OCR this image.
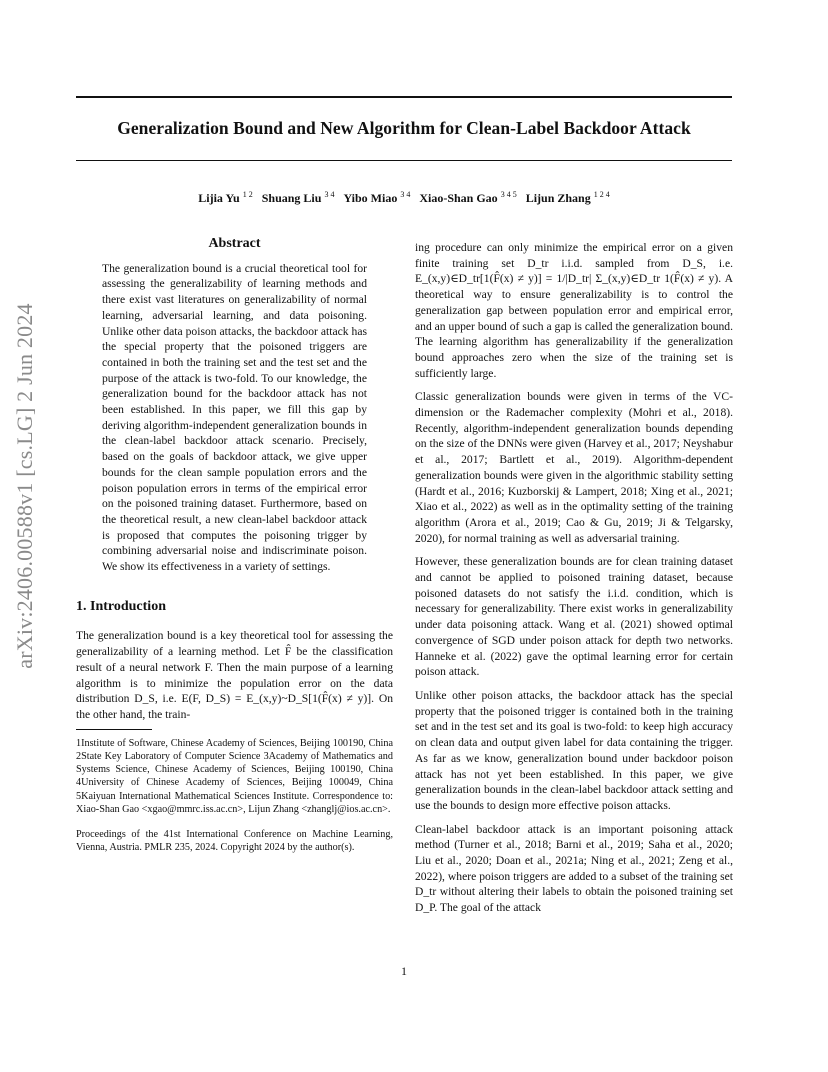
arXiv:2406.00588v1 [cs.LG] 2 Jun 2024
Generalization Bound and New Algorithm for Clean-Label Backdoor Attack
Lijia Yu $^{1 2}$ Shuang Liu $^{3 4}$ Yibo Miao $^{3 4}$ Xiao-Shan Gao $^{3 4 5}$ Lijun Zhang $^{1 2 4}$
Abstract

The generalization bound is a crucial theoretical tool for assessing the generalizability of learning methods and there exist vast literatures on generalizability of normal learning, adversarial learning, and data poisoning. Unlike other data poison attacks, the backdoor attack has the special property that the poisoned triggers are contained in both the training set and the test set and the purpose of the attack is two-fold. To our knowledge, the generalization bound for the backdoor attack has not been established. In this paper, we fill this gap by deriving algorithm-independent generalization bounds in the clean-label backdoor attack scenario. Precisely, based on the goals of backdoor attack, we give upper bounds for the clean sample population errors and the poison population errors in terms of the empirical error on the poisoned training dataset. Furthermore, based on the theoretical result, a new clean-label backdoor attack is proposed that computes the poisoning trigger by combining adversarial noise and indiscriminate poison. We show its effectiveness in a variety of settings.

1. Introduction

The generalization bound is a key theoretical tool for assessing the generalizability of a learning method. Let F̂ be the classification result of a neural network F. Then the main purpose of a learning algorithm is to minimize the population error on the data distribution D_S, i.e. E(F, D_S) = E_(x,y)~D_S[1(F̂(x) ≠ y)]. On the other hand, the train-

1Institute of Software, Chinese Academy of Sciences, Beijing 100190, China 2State Key Laboratory of Computer Science 3Academy of Mathematics and Systems Science, Chinese Academy of Sciences, Beijing 100190, China 4University of Chinese Academy of Sciences, Beijing 100049, China 5Kaiyuan International Mathematical Sciences Institute. Correspondence to: Xiao-Shan Gao <xgao@mmrc.iss.ac.cn>, Lijun Zhang <zhanglj@ios.ac.cn>.

Proceedings of the 41st International Conference on Machine Learning, Vienna, Austria. PMLR 235, 2024. Copyright 2024 by the author(s).

ing procedure can only minimize the empirical error on a given finite training set D_tr i.i.d. sampled from D_S, i.e. E_(x,y)∈D_tr[1(F̂(x) ≠ y)] = 1/|D_tr| Σ_(x,y)∈D_tr 1(F̂(x) ≠ y). A theoretical way to ensure generalizability is to control the generalization gap between population error and empirical error, and an upper bound of such a gap is called the generalization bound. The learning algorithm has generalizability if the generalization bound approaches zero when the size of the training set is sufficiently large.

Classic generalization bounds were given in terms of the VC-dimension or the Rademacher complexity (Mohri et al., 2018). Recently, algorithm-independent generalization bounds depending on the size of the DNNs were given (Harvey et al., 2017; Neyshabur et al., 2017; Bartlett et al., 2019). Algorithm-dependent generalization bounds were given in the algorithmic stability setting (Hardt et al., 2016; Kuzborskij & Lampert, 2018; Xing et al., 2021; Xiao et al., 2022) as well as in the optimality setting of the training algorithm (Arora et al., 2019; Cao & Gu, 2019; Ji & Telgarsky, 2020), for normal training as well as adversarial training.

However, these generalization bounds are for clean training dataset and cannot be applied to poisoned training dataset, because poisoned datasets do not satisfy the i.i.d. condition, which is necessary for generalizability. There exist works in generalizability under data poisoning attack. Wang et al. (2021) showed optimal convergence of SGD under poison attack for depth two networks. Hanneke et al. (2022) gave the optimal learning error for certain poison attack.

Unlike other poison attacks, the backdoor attack has the special property that the poisoned trigger is contained both in the training set and in the test set and its goal is two-fold: to keep high accuracy on clean data and output given label for data containing the trigger. As far as we know, generalization bound under backdoor poison attack has not yet been established. In this paper, we give generalization bounds in the clean-label backdoor attack setting and use the bounds to design more effective poison attacks.

Clean-label backdoor attack is an important poisoning attack method (Turner et al., 2018; Barni et al., 2019; Saha et al., 2020; Liu et al., 2020; Doan et al., 2021a; Ning et al., 2021; Zeng et al., 2022), where poison triggers are added to a subset of the training set D_tr without altering their labels to obtain the poisoned training set D_P. The goal of the attack

1
